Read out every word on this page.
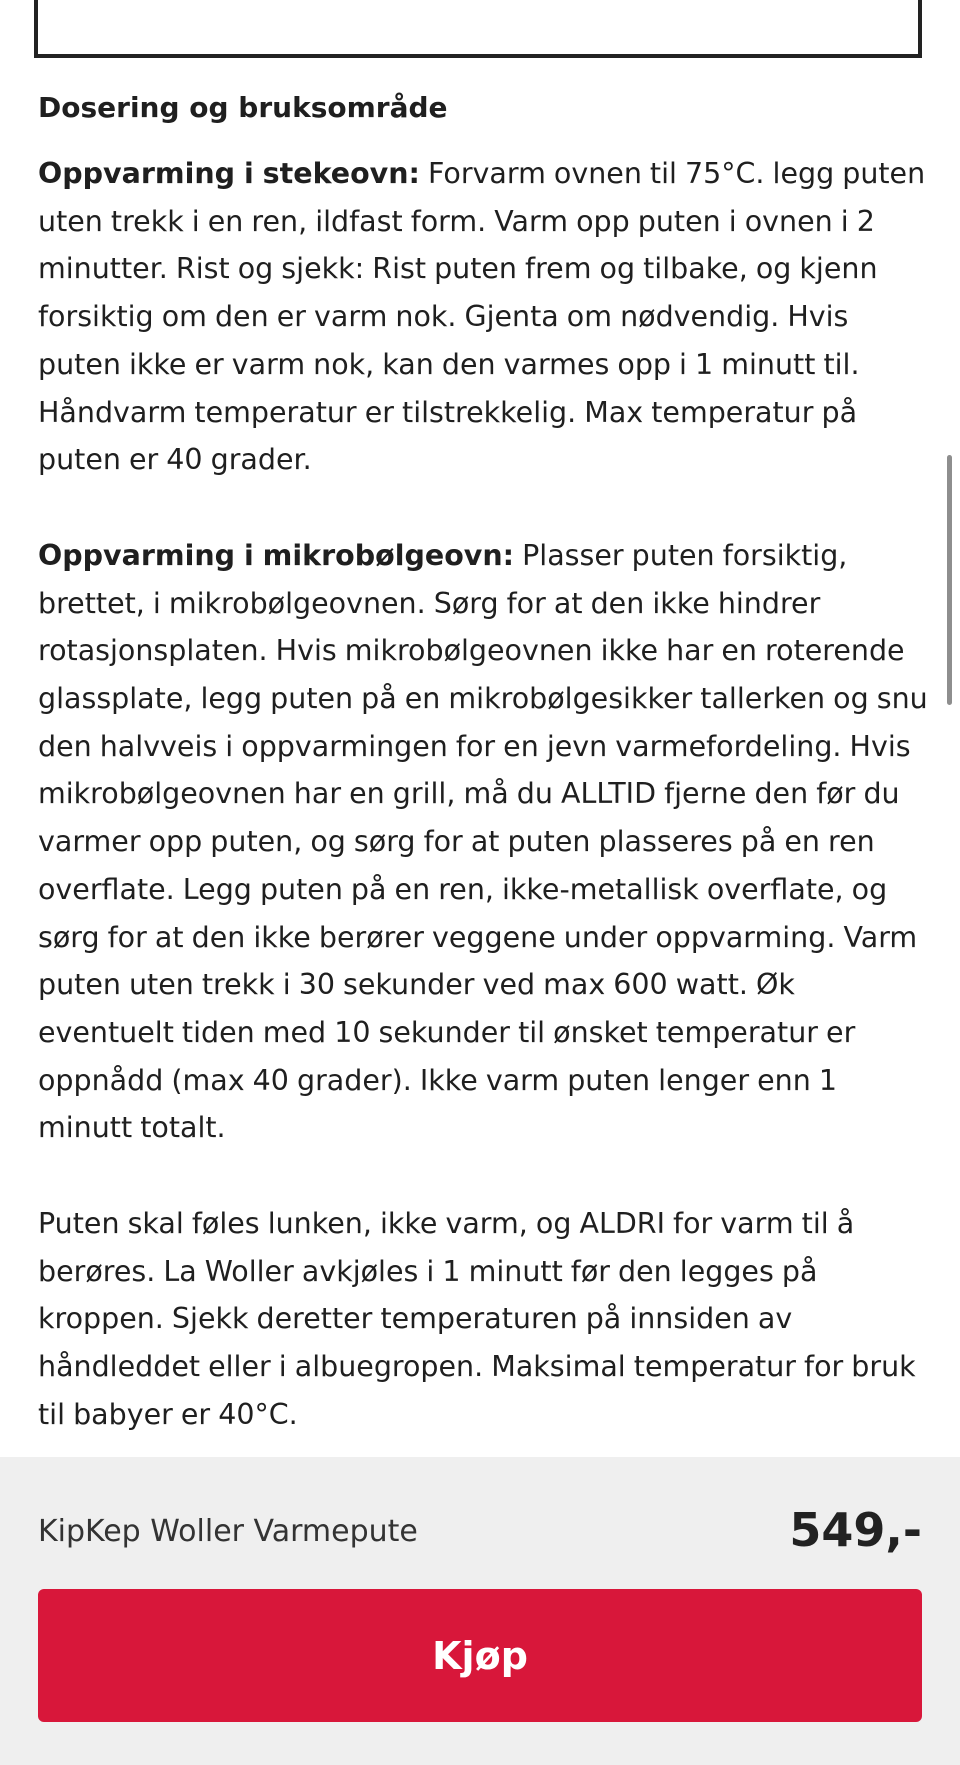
Dosering og bruksområde

Oppvarming i stekeovn: Forvarm ovnen til 75°C. legg puten uten trekk i en ren, ildfast form. Varm opp puten i ovnen i 2 minutter. Rist og sjekk: Rist puten frem og tilbake, og kjenn forsiktig om den er varm nok. Gjenta om nødvendig. Hvis puten ikke er varm nok, kan den varmes opp i 1 minutt til. Håndvarm temperatur er tilstrekkelig. Max temperatur på puten er 40 grader.

Oppvarming i mikrobølgeovn: Plasser puten forsiktig, brettet, i mikrobølgeovnen. Sørg for at den ikke hindrer rotasjonsplaten. Hvis mikrobølgeovnen ikke har en roterende glassplate, legg puten på en mikrobølgesikker tallerken og snu den halvveis i oppvarmingen for en jevn varmefordeling. Hvis mikrobølgeovnen har en grill, må du ALLTID fjerne den før du varmer opp puten, og sørg for at puten plasseres på en ren overflate. Legg puten på en ren, ikke-metallisk overflate, og sørg for at den ikke berører veggene under oppvarming. Varm puten uten trekk i 30 sekunder ved max 600 watt. Øk eventuelt tiden med 10 sekunder til ønsket temperatur er oppnådd (max 40 grader). Ikke varm puten lenger enn 1 minutt totalt.

Puten skal føles lunken, ikke varm, og ALDRI for varm til å berøres. La Woller avkjøles i 1 minutt før den legges på kroppen. Sjekk deretter temperaturen på innsiden av håndleddet eller i albuegropen. Maksimal temperatur for bruk til babyer er 40°C.

KipKep Woller Varmepute	549,-
Kjøp
